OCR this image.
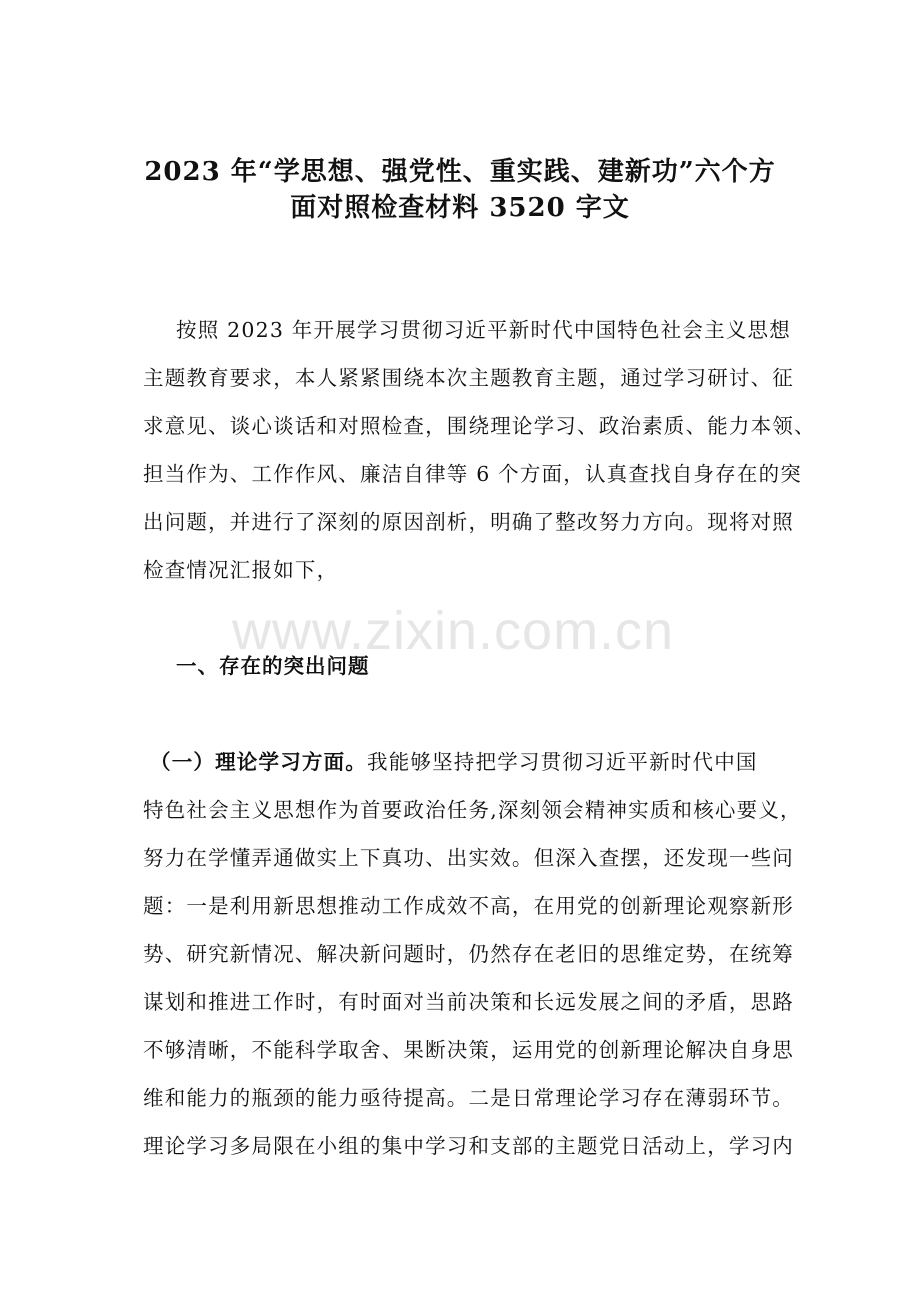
www.zixin.com.cn
2023 年“学思想、强党性、重实践、建新功”六个方
面对照检查材料 3520 字文
按照 2023 年开展学习贯彻习近平新时代中国特色社会主义思想
主题教育要求，本人紧紧围绕本次主题教育主题，通过学习研讨、征
求意见、谈心谈话和对照检查，围绕理论学习、政治素质、能力本领、
担当作为、工作作风、廉洁自律等 6 个方面，认真查找自身存在的突
出问题，并进行了深刻的原因剖析，明确了整改努力方向。现将对照
检查情况汇报如下，
一、存在的突出问题
（一）理论学习方面。我能够坚持把学习贯彻习近平新时代中国
特色社会主义思想作为首要政治任务,深刻领会精神实质和核心要义，
努力在学懂弄通做实上下真功、出实效。但深入查摆，还发现一些问
题：一是利用新思想推动工作成效不高，在用党的创新理论观察新形
势、研究新情况、解决新问题时，仍然存在老旧的思维定势，在统筹
谋划和推进工作时，有时面对当前决策和长远发展之间的矛盾，思路
不够清晰，不能科学取舍、果断决策，运用党的创新理论解决自身思
维和能力的瓶颈的能力亟待提高。二是日常理论学习存在薄弱环节。
理论学习多局限在小组的集中学习和支部的主题党日活动上，学习内
